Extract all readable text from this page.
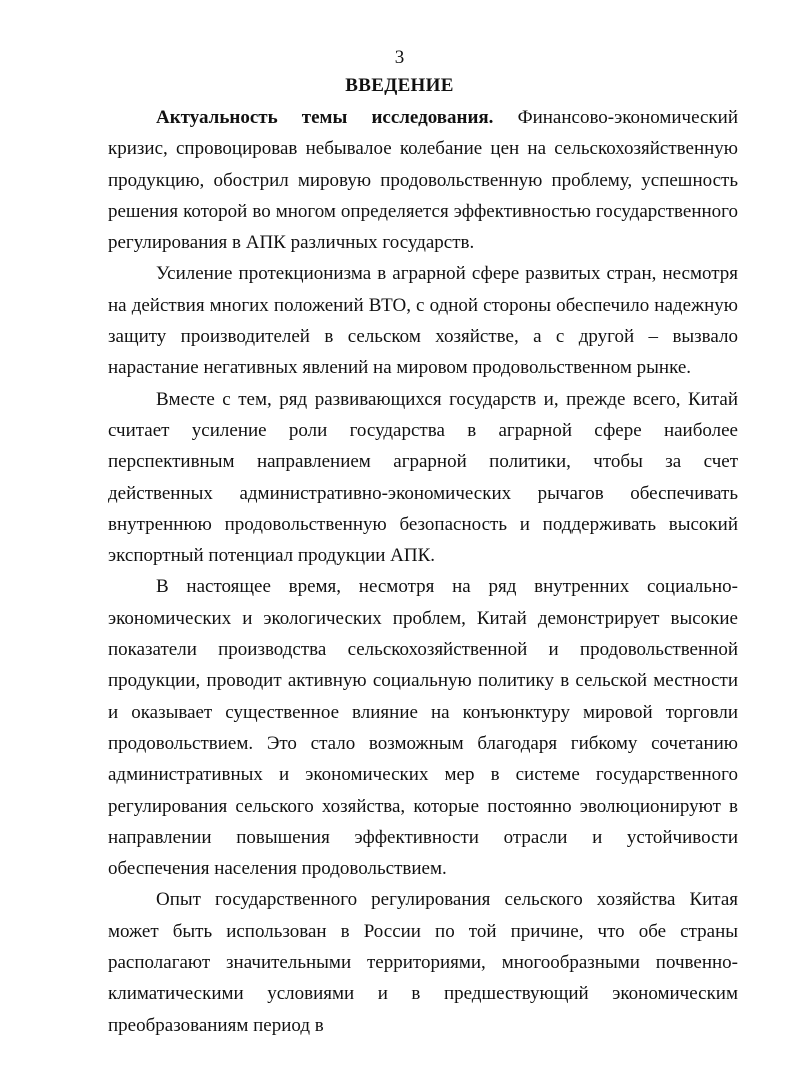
3
ВВЕДЕНИЕ

Актуальность темы исследования. Финансово-экономический кризис, спровоцировав небывалое колебание цен на сельскохозяйственную продукцию, обострил мировую продовольственную проблему, успешность решения которой во многом определяется эффективностью государственного регулирования в АПК различных государств.

Усиление протекционизма в аграрной сфере развитых стран, несмотря на действия многих положений ВТО, с одной стороны обеспечило надежную защиту производителей в сельском хозяйстве, а с другой – вызвало нарастание негативных явлений на мировом продовольственном рынке.

Вместе с тем, ряд развивающихся государств и, прежде всего, Китай считает усиление роли государства в аграрной сфере наиболее перспективным направлением аграрной политики, чтобы за счет действенных административно-экономических рычагов обеспечивать внутреннюю продовольственную безопасность и поддерживать высокий экспортный потенциал продукции АПК.

В настоящее время, несмотря на ряд внутренних социально-экономических и экологических проблем, Китай демонстрирует высокие показатели производства сельскохозяйственной и продовольственной продукции, проводит активную социальную политику в сельской местности и оказывает существенное влияние на конъюнктуру мировой торговли продовольствием. Это стало возможным благодаря гибкому сочетанию административных и экономических мер в системе государственного регулирования сельского хозяйства, которые постоянно эволюционируют в направлении повышения эффективности отрасли и устойчивости обеспечения населения продовольствием.

Опыт государственного регулирования сельского хозяйства Китая может быть использован в России по той причине, что обе страны располагают значительными территориями, многообразными почвенно-климатическими условиями и в предшествующий экономическим преобразованиям период в
